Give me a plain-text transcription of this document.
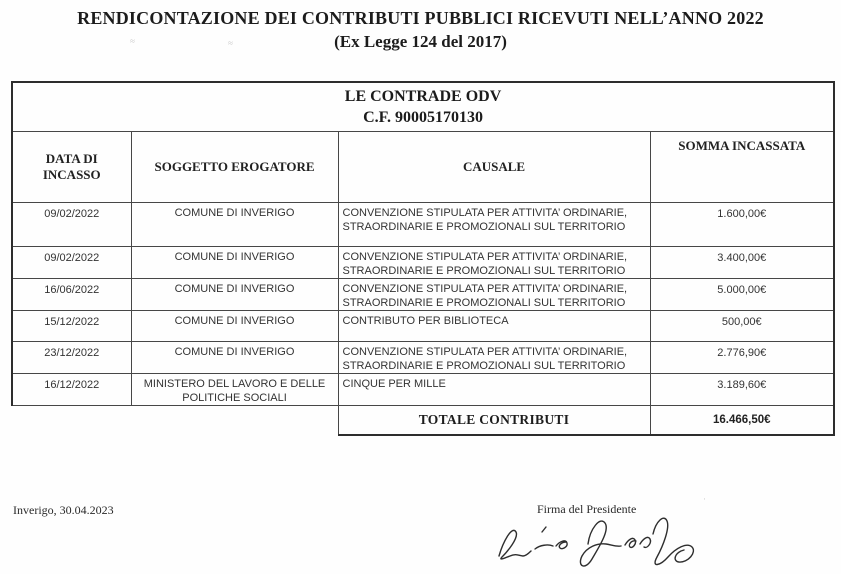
RENDICONTAZIONE DEI CONTRIBUTI PUBBLICI RICEVUTI NELL’ANNO 2022
(Ex Legge 124 del 2017)
≈	≈
LE CONTRADE ODV
C.F. 90005170130			

DATA DI INCASSO	SOGGETTO EROGATORE	CAUSALE	SOMMA INCASSATA
09/02/2022	COMUNE DI INVERIGO	CONVENZIONE STIPULATA PER ATTIVITA’ ORDINARIE, STRAORDINARIE E PROMOZIONALI SUL TERRITORIO	1.600,00€
09/02/2022	COMUNE DI INVERIGO	CONVENZIONE STIPULATA PER ATTIVITA’ ORDINARIE, STRAORDINARIE E PROMOZIONALI SUL TERRITORIO	3.400,00€
16/06/2022	COMUNE DI INVERIGO	CONVENZIONE STIPULATA PER ATTIVITA’ ORDINARIE, STRAORDINARIE E PROMOZIONALI SUL TERRITORIO	5.000,00€
15/12/2022	COMUNE DI INVERIGO	CONTRIBUTO PER BIBLIOTECA	500,00€
23/12/2022	COMUNE DI INVERIGO	CONVENZIONE STIPULATA PER ATTIVITA’ ORDINARIE, STRAORDINARIE E PROMOZIONALI SUL TERRITORIO	2.776,90€
16/12/2022	MINISTERO DEL LAVORO E DELLE POLITICHE SOCIALI	CINQUE PER MILLE	3.189,60€
		TOTALE CONTRIBUTI	16.466,50€
Inverigo, 30.04.2023	Firma del Presidente
·
